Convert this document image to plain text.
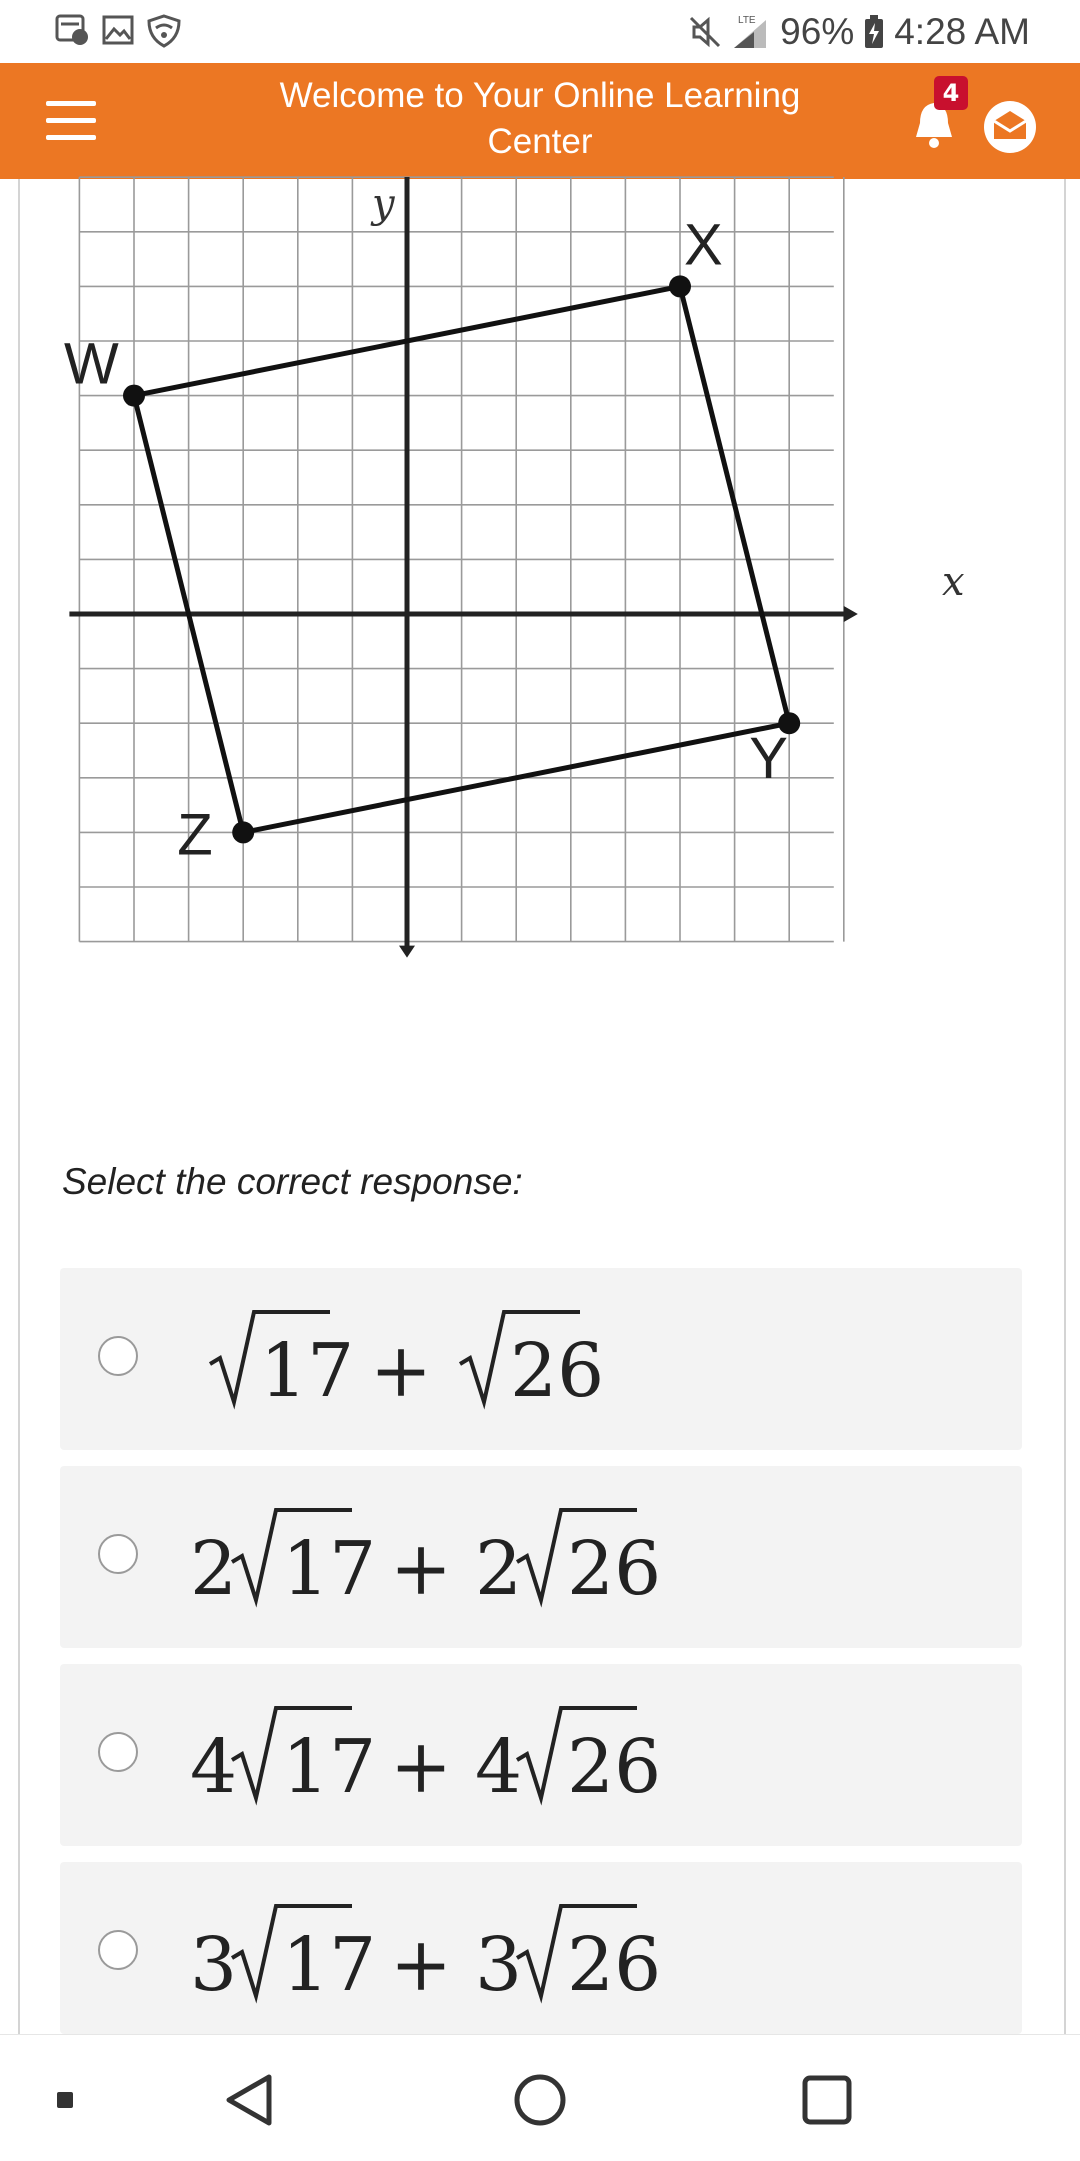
LTE 96% 4:28 AM
Welcome to Your Online Learning
Center
4
x
y
W
X
Y
Z
Select the correct response:
17 + 26
2 17 + 2 26
4 17 + 4 26
3 17 + 3 26
